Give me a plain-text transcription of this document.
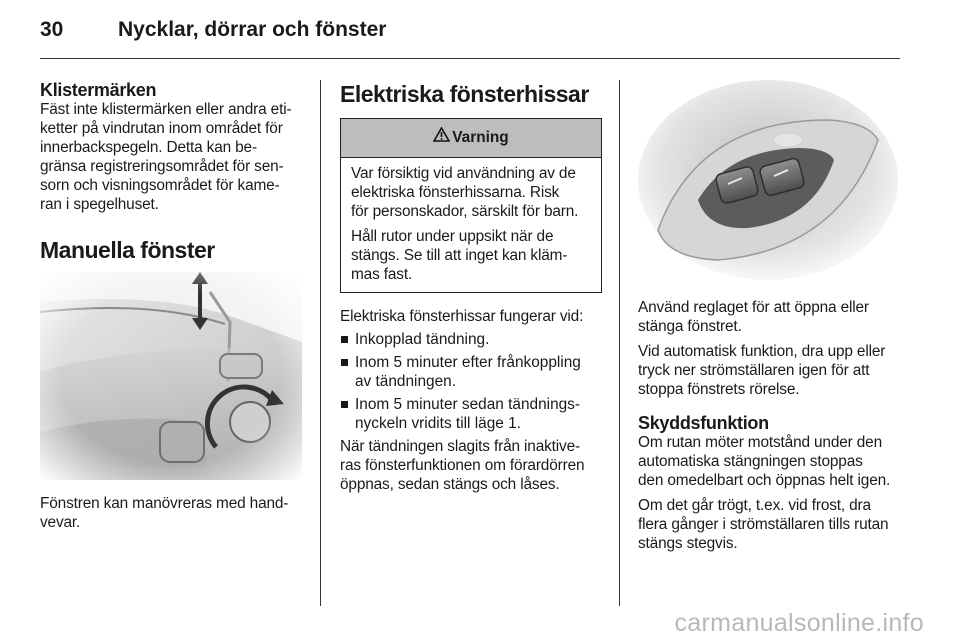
30	Nycklar, dörrar och fönster
Klistermärken

Fäst inte klistermärken eller andra eti-
ketter på vindrutan inom området för
innerbackspegeln. Detta kan be-
gränsa registreringsområdet för sen-
sorn och visningsområdet för kame-
ran i spegelhuset.

Manuella fönster

Fönstren kan manövreras med hand-
vevar.

Elektriska fönsterhissar
Varning

Var försiktig vid användning av de
elektriska fönsterhissarna. Risk
för personskador, särskilt för barn.

Håll rutor under uppsikt när de
stängs. Se till att inget kan kläm-
mas fast.

Elektriska fönsterhissar fungerar vid:

Inkopplad tändning.
Inom 5 minuter efter frånkoppling
av tändningen.
Inom 5 minuter sedan tändnings-
nyckeln vridits till läge 1.

När tändningen slagits från inaktive-
ras fönsterfunktionen om förardörren
öppnas, sedan stängs och låses.

Använd reglaget för att öppna eller
stänga fönstret.

Vid automatisk funktion, dra upp eller
tryck ner strömställaren igen för att
stoppa fönstrets rörelse.

Skyddsfunktion

Om rutan möter motstånd under den
automatiska stängningen stoppas
den omedelbart och öppnas helt igen.

Om det går trögt, t.ex. vid frost, dra
flera gånger i strömställaren tills rutan
stängs stegvis.

carmanualsonline.info
